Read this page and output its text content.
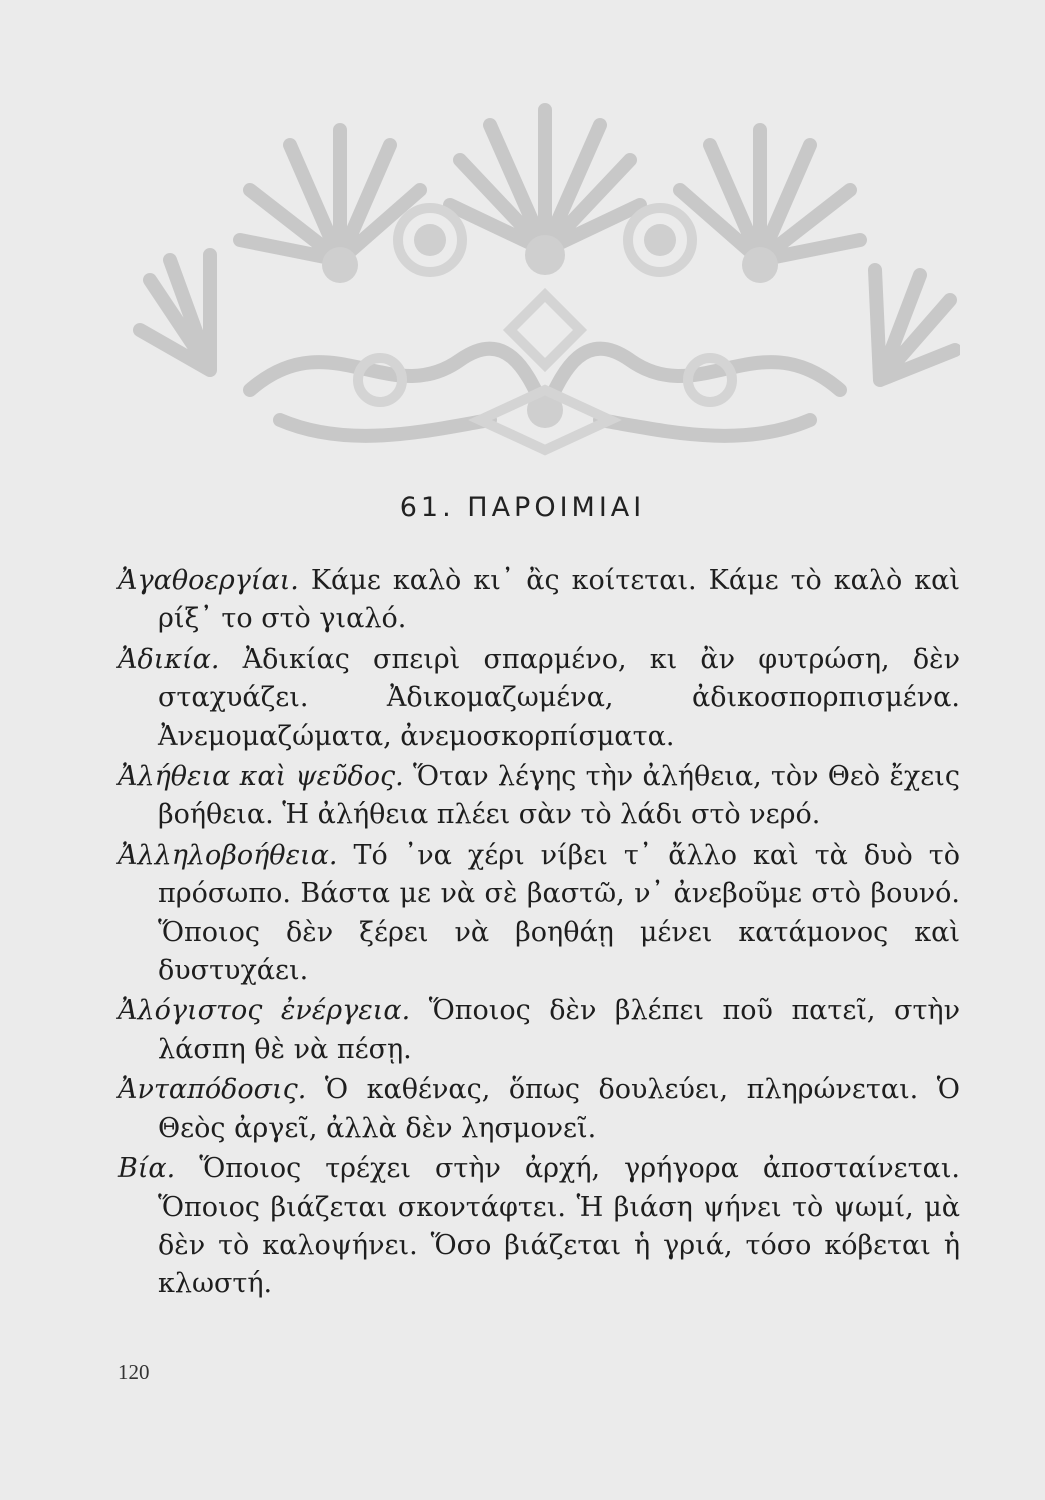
61. ΠΑΡΟΙΜΙΑΙ

Ἀγαθοεργίαι. Κάμε καλὸ κι᾽ ἂς κοίτεται. Κάμε τὸ καλὸ καὶ ρίξ᾽ το στὸ γιαλό.

Ἀδικία. Ἀδικίας σπειρὶ σπαρμένο, κι ἂν φυτρώση, δὲν σταχυάζει. Ἀδικομαζωμένα, ἀδικοσπορπισμένα. Ἀνεμομαζώματα, ἀνεμοσκορπίσματα.

Ἀλήθεια καὶ ψεῦδος. Ὅταν λέγης τὴν ἀλήθεια, τὸν Θεὸ ἔχεις βοήθεια. Ἡ ἀλήθεια πλέει σὰν τὸ λάδι στὸ νερό.

Ἀλληλοβοήθεια. Τό ᾽να χέρι νίβει τ᾽ ἄλλο καὶ τὰ δυὸ τὸ πρόσωπο. Βάστα με νὰ σὲ βαστῶ, ν᾽ ἀνεβοῦμε στὸ βουνό. Ὅποιος δὲν ξέρει νὰ βοηθάῃ μένει κατάμονος καὶ δυστυχάει.

Ἀλόγιστος ἐνέργεια. Ὅποιος δὲν βλέπει ποῦ πατεῖ, στὴν λάσπη θὲ νὰ πέσῃ.

Ἀνταπόδοσις. Ὁ καθένας, ὅπως δουλεύει, πληρώνεται. Ὁ Θεὸς ἀργεῖ, ἀλλὰ δὲν λησμονεῖ.

Βία. Ὅποιος τρέχει στὴν ἀρχή, γρήγορα ἀποσταίνεται. Ὅποιος βιάζεται σκοντάφτει. Ἡ βιάση ψήνει τὸ ψωμί, μὰ δὲν τὸ καλοψήνει. Ὅσο βιάζεται ἡ γριά, τόσο κόβεται ἡ κλωστή.

120
